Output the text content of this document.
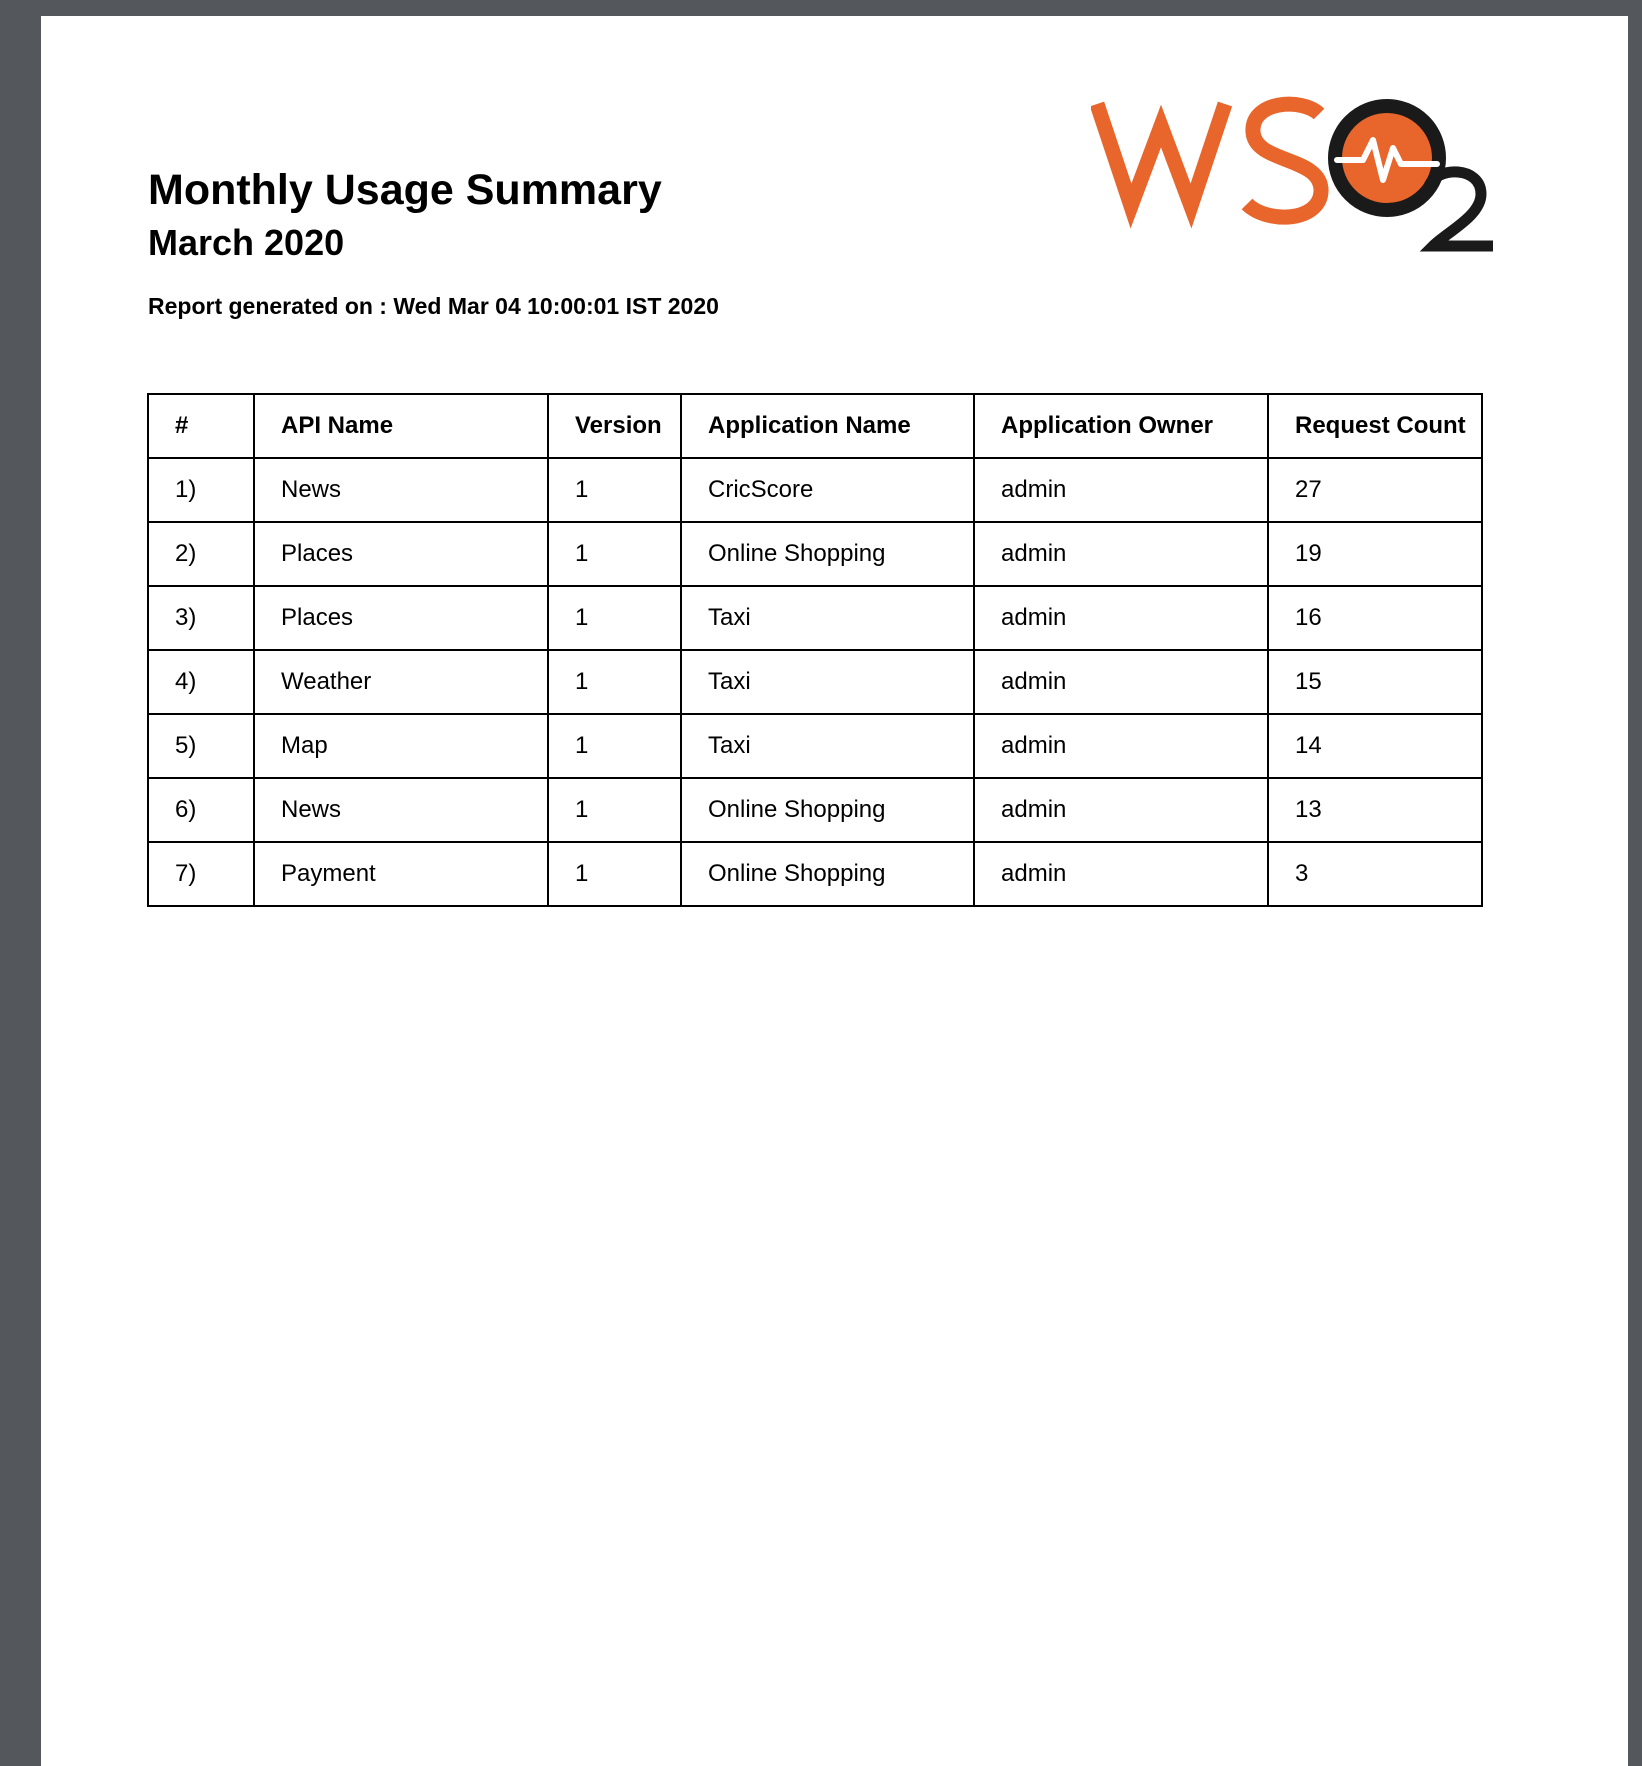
Monthly Usage Summary
March 2020
Report generated on : Wed Mar 04 10:00:01 IST 2020
#	API Name	Version	Application Name	Application Owner	Request Count
1)	News	1	CricScore	admin	27
2)	Places	1	Online Shopping	admin	19
3)	Places	1	Taxi	admin	16
4)	Weather	1	Taxi	admin	15
5)	Map	1	Taxi	admin	14
6)	News	1	Online Shopping	admin	13
7)	Payment	1	Online Shopping	admin	3
